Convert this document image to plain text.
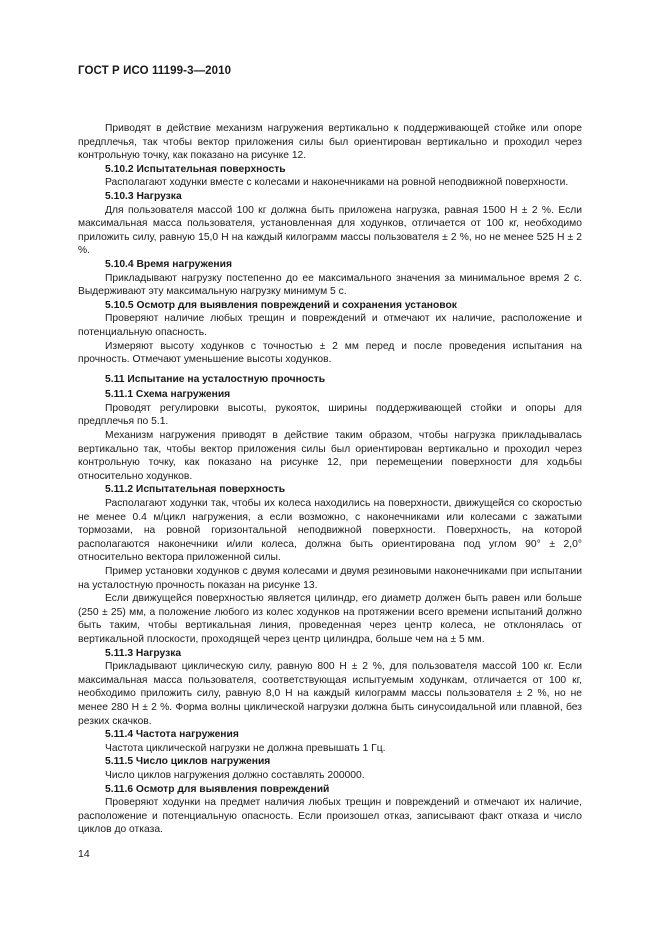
ГОСТ Р ИСО 11199-3—2010

Приводят в действие механизм нагружения вертикально к поддерживающей стойке или опоре предплечья, так чтобы вектор приложения силы был ориентирован вертикально и проходил через контрольную точку, как показано на рисунке 12.

5.10.2 Испытательная поверхность

Располагают ходунки вместе с колесами и наконечниками на ровной неподвижной поверхности.

5.10.3 Нагрузка

Для пользователя массой 100 кг должна быть приложена нагрузка, равная 1500 Н ± 2 %. Если максимальная масса пользователя, установленная для ходунков, отличается от 100 кг, необходимо приложить силу, равную 15,0 Н на каждый килограмм массы пользователя ± 2 %, но не менее 525 Н ± 2 %.

5.10.4 Время нагружения

Прикладывают нагрузку постепенно до ее максимального значения за минимальное время 2 с. Выдерживают эту максимальную нагрузку минимум 5 с.

5.10.5 Осмотр для выявления повреждений и сохранения установок

Проверяют наличие любых трещин и повреждений и отмечают их наличие, расположение и потенциальную опасность.

Измеряют высоту ходунков с точностью ± 2 мм перед и после проведения испытания на прочность. Отмечают уменьшение высоты ходунков.

5.11 Испытание на усталостную прочность
5.11.1 Схема нагружения

Проводят регулировки высоты, рукояток, ширины поддерживающей стойки и опоры для предплечья по 5.1.

Механизм нагружения приводят в действие таким образом, чтобы нагрузка прикладывалась вертикально так, чтобы вектор приложения силы был ориентирован вертикально и проходил через контрольную точку, как показано на рисунке 12, при перемещении поверхности для ходьбы относительно ходунков.

5.11.2 Испытательная поверхность

Располагают ходунки так, чтобы их колеса находились на поверхности, движущейся со скоростью не менее 0.4 м/цикл нагружения, а если возможно, с наконечниками или колесами с зажатыми тормозами, на ровной горизонтальной неподвижной поверхности. Поверхность, на которой располагаются наконечники и/или колеса, должна быть ориентирована под углом 90° ± 2,0° относительно вектора приложенной силы.

Пример установки ходунков с двумя колесами и двумя резиновыми наконечниками при испытании на усталостную прочность показан на рисунке 13.

Если движущейся поверхностью является цилиндр, его диаметр должен быть равен или больше (250 ± 25) мм, а положение любого из колес ходунков на протяжении всего времени испытаний должно быть таким, чтобы вертикальная линия, проведенная через центр колеса, не отклонялась от вертикальной плоскости, проходящей через центр цилиндра, больше чем на ± 5 мм.

5.11.3 Нагрузка

Прикладывают циклическую силу, равную 800 Н ± 2 %, для пользователя массой 100 кг. Если максимальная масса пользователя, соответствующая испытуемым ходункам, отличается от 100 кг, необходимо приложить силу, равную 8,0 Н на каждый килограмм массы пользователя ± 2 %, но не менее 280 Н ± 2 %. Форма волны циклической нагрузки должна быть синусоидальной или плавной, без резких скачков.

5.11.4 Частота нагружения

Частота циклической нагрузки не должна превышать 1 Гц.

5.11.5 Число циклов нагружения

Число циклов нагружения должно составлять 200000.

5.11.6 Осмотр для выявления повреждений

Проверяют ходунки на предмет наличия любых трещин и повреждений и отмечают их наличие, расположение и потенциальную опасность. Если произошел отказ, записывают факт отказа и число циклов до отказа.

14
